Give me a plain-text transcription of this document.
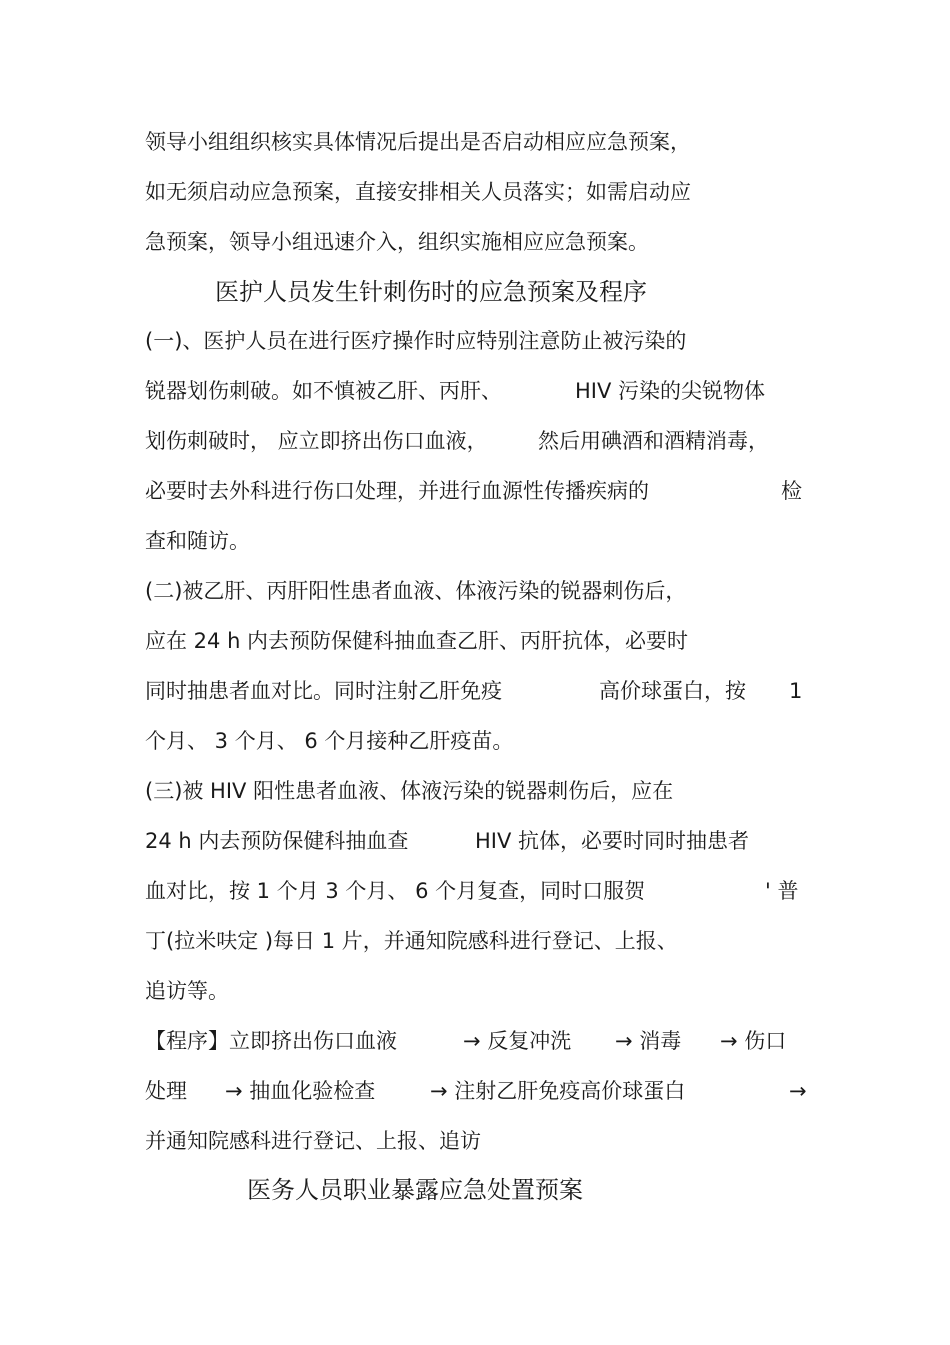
领导小组组织核实具体情况后提出是否启动相应应急预案，

如无须启动应急预案，直接安排相关人员落实；如需启动应

急预案，领导小组迅速介入，组织实施相应应急预案。

医护人员发生针刺伤时的应急预案及程序

(一)、医护人员在进行医疗操作时应特别注意防止被污染的

锐器划伤刺破。如不慎被乙肝、丙肝、	HIV 污染的尖锐物体
划伤刺破时， 应立即挤出伤口血液， 然后用碘酒和酒精消毒，
必要时去外科进行伤口处理，并进行血源性传播疾病的	检

查和随访。

(二)被乙肝、丙肝阳性患者血液、体液污染的锐器刺伤后，

应在 24 h 内去预防保健科抽血查乙肝、丙肝抗体，必要时

同时抽患者血对比。同时注射乙肝免疫	高价球蛋白，按 1

个月、 3 个月、 6 个月接种乙肝疫苗。

(三)被 HIV 阳性患者血液、体液污染的锐器刺伤后，应在

24 h 内去预防保健科抽血查	HIV 抗体，必要时同时抽患者
血对比，按 1 个月 3 个月、 6 个月复查，同时口服贺	' 普

丁(拉米呋定 )每日 1 片，并通知院感科进行登记、上报、

追访等。

【程序】立即挤出伤口血液	→ 反复冲洗 → 消毒 → 伤口
处理 → 抽血化验检查	→ 注射乙肝免疫高价球蛋白	→

并通知院感科进行登记、上报、追访

医务人员职业暴露应急处置预案
